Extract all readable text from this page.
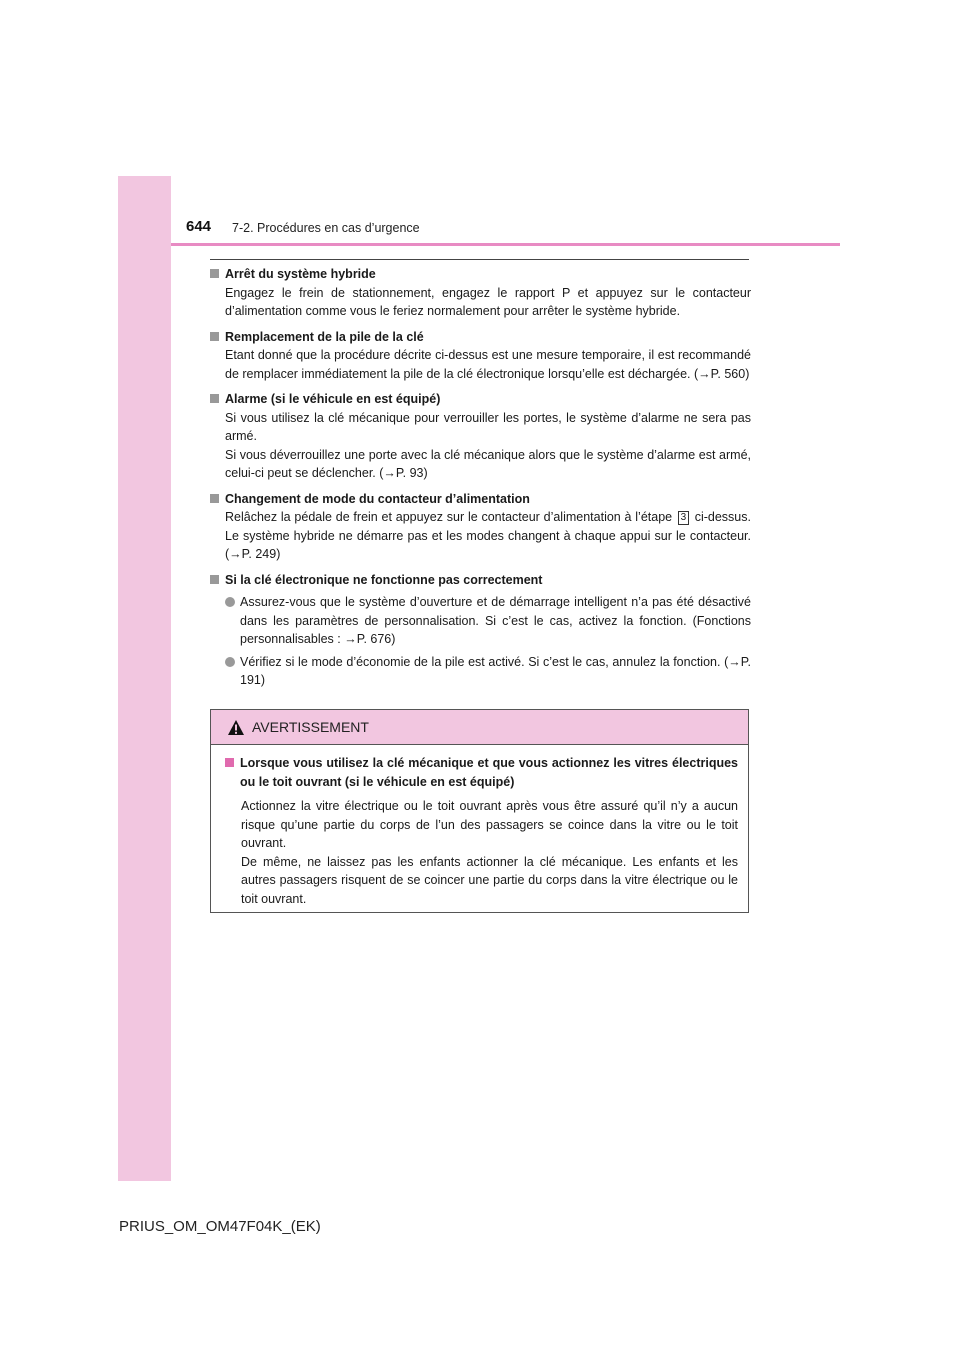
644 7-2. Procédures en cas d’urgence
Arrêt du système hybride
Engagez le frein de stationnement, engagez le rapport P et appuyez sur le contacteur d’alimentation comme vous le feriez normalement pour arrêter le système hybride.
Remplacement de la pile de la clé
Etant donné que la procédure décrite ci-dessus est une mesure temporaire, il est recommandé de remplacer immédiatement la pile de la clé électronique lorsqu’elle est déchargée. (→P. 560)
Alarme (si le véhicule en est équipé)
Si vous utilisez la clé mécanique pour verrouiller les portes, le système d’alarme ne sera pas armé.
Si vous déverrouillez une porte avec la clé mécanique alors que le système d’alarme est armé, celui-ci peut se déclencher. (→P. 93)
Changement de mode du contacteur d’alimentation
Relâchez la pédale de frein et appuyez sur le contacteur d’alimentation à l’étape 3 ci-dessus. Le système hybride ne démarre pas et les modes changent à chaque appui sur le contacteur. (→P. 249)
Si la clé électronique ne fonctionne pas correctement
Assurez-vous que le système d’ouverture et de démarrage intelligent n’a pas été désactivé dans les paramètres de personnalisation. Si c’est le cas, activez la fonction. (Fonctions personnalisables : →P. 676)
Vérifiez si le mode d’économie de la pile est activé. Si c’est le cas, annulez la fonction. (→P. 191)
AVERTISSEMENT
Lorsque vous utilisez la clé mécanique et que vous actionnez les vitres électriques ou le toit ouvrant (si le véhicule en est équipé)
Actionnez la vitre électrique ou le toit ouvrant après vous être assuré qu’il n’y a aucun risque qu’une partie du corps de l’un des passagers se coince dans la vitre ou le toit ouvrant.
De même, ne laissez pas les enfants actionner la clé mécanique. Les enfants et les autres passagers risquent de se coincer une partie du corps dans la vitre électrique ou le toit ouvrant.
PRIUS_OM_OM47F04K_(EK)
